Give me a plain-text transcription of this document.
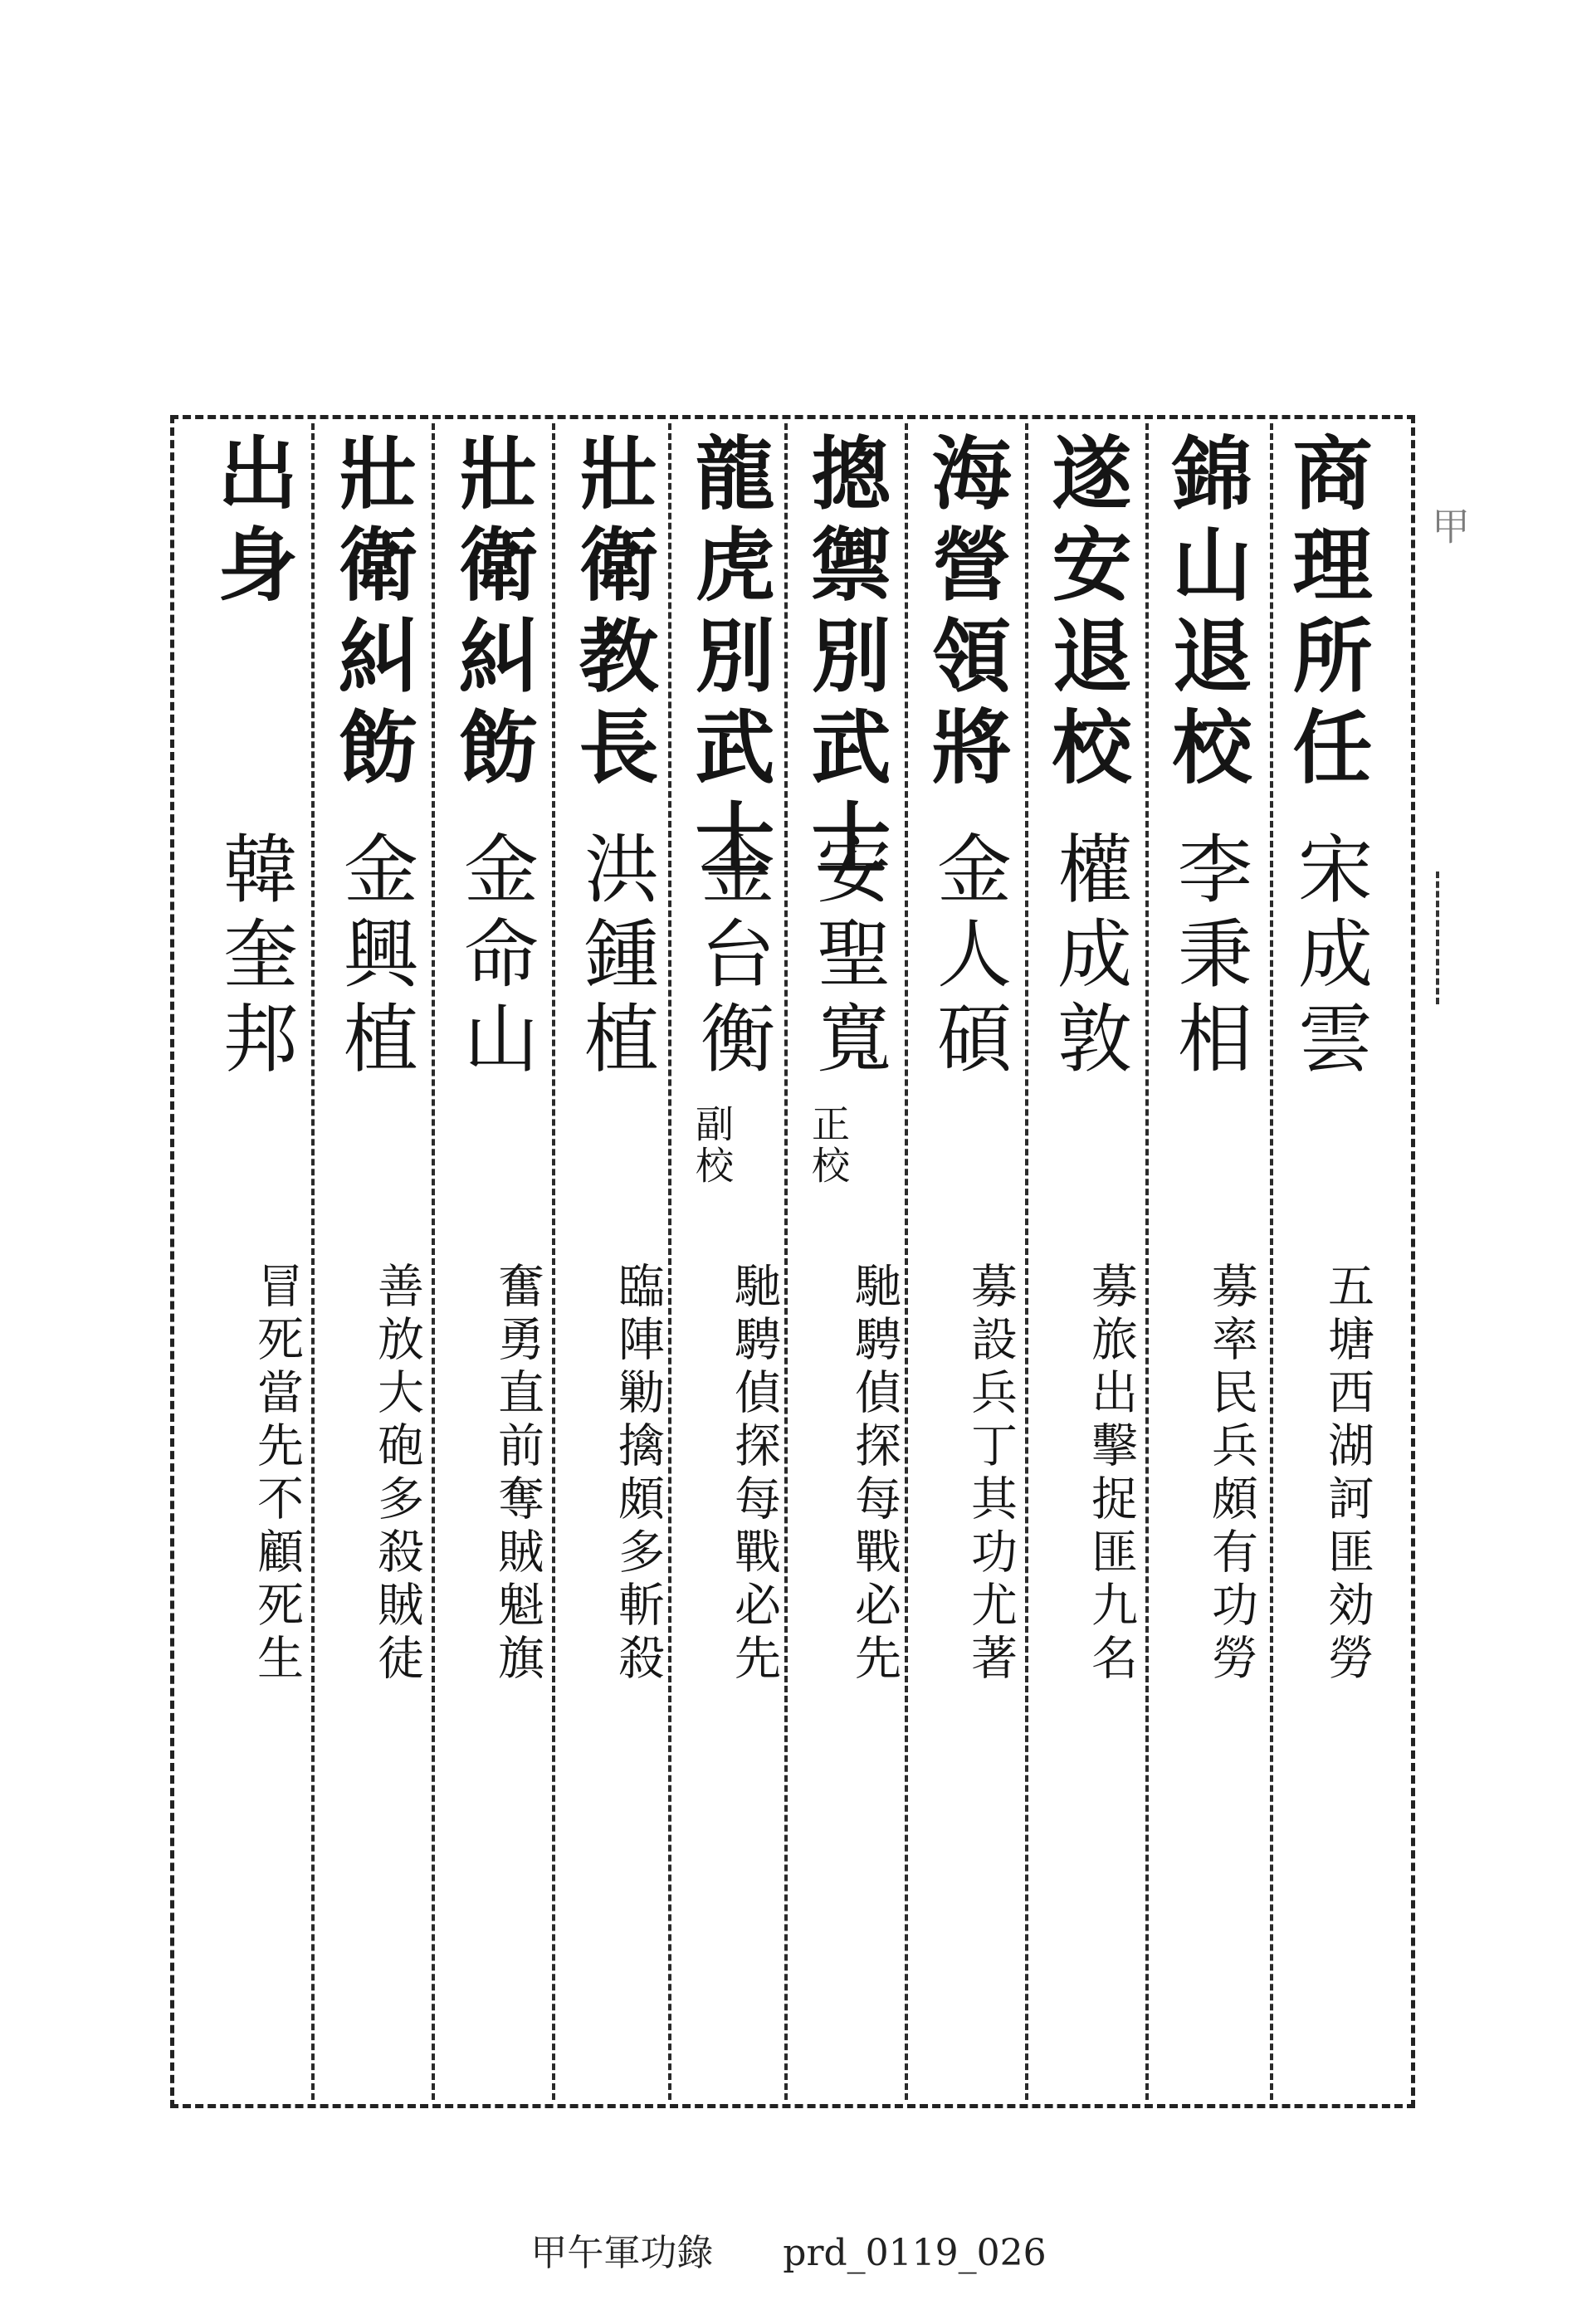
甲
商理所任
宋成雲
五塘西湖訶匪効勞
錦山退校
李秉相
募率民兵頗有功勞
遂安退校
權成敦
募旅出擊捉匪九名
海營領將
金人碩
募設兵丁其功尤著
摠禦別武士
安聖寬
正校
馳騁偵探每戰必先
龍虎別武士
金台衡
副校
馳騁偵探每戰必先
壯衛教長
洪鍾植
臨陣勦擒頗多斬殺
壯衛糾飭
金命山
奮勇直前奪賊魁旗
壯衛糾飭
金興植
善放大砲多殺賊徒
出身
韓奎邦
冒死當先不顧死生
甲午軍功錄 prd_0119_026
